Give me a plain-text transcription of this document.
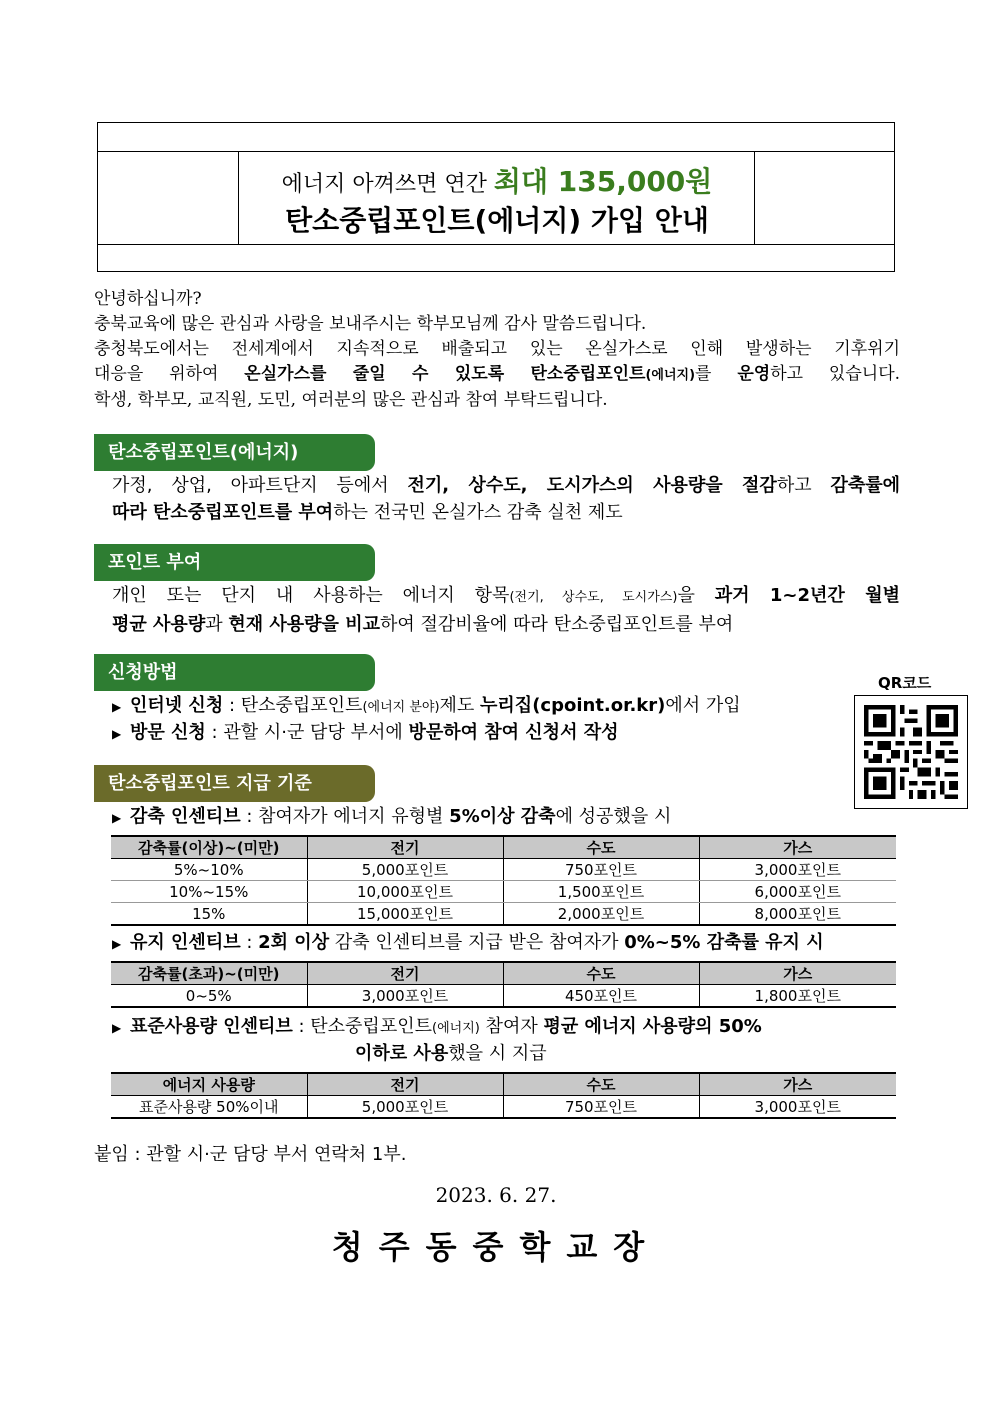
에너지 아껴쓰면 연간 최대 135,000원
탄소중립포인트(에너지) 가입 안내
안녕하십니까?
충북교육에 많은 관심과 사랑을 보내주시는 학부모님께 감사 말씀드립니다.
충청북도에서는 전세계에서 지속적으로 배출되고 있는 온실가스로 인해 발생하는 기후위기
대응을 위하여 온실가스를 줄일 수 있도록 탄소중립포인트(에너지)를 운영하고 있습니다.
학생, 학부모, 교직원, 도민, 여러분의 많은 관심과 참여 부탁드립니다.
탄소중립포인트(에너지)
가정, 상업, 아파트단지 등에서 전기, 상수도, 도시가스의 사용량을 절감하고 감축률에
따라 탄소중립포인트를 부여하는 전국민 온실가스 감축 실천 제도
포인트 부여
개인 또는 단지 내 사용하는 에너지 항목(전기, 상수도, 도시가스)을 과거 1~2년간 월별
평균 사용량과 현재 사용량을 비교하여 절감비율에 따라 탄소중립포인트를 부여
신청방법
▶ 인터넷 신청 : 탄소중립포인트(에너지 분야)제도 누리집(cpoint.or.kr)에서 가입
▶ 방문 신청 : 관할 시·군 담당 부서에 방문하여 참여 신청서 작성
QR코드
탄소중립포인트 지급 기준
▶ 감축 인센티브 : 참여자가 에너지 유형별 5%이상 감축에 성공했을 시
감축률(이상)~(미만)	전기	수도	가스
5%~10%	5,000포인트	750포인트	3,000포인트
10%~15%	10,000포인트	1,500포인트	6,000포인트
15%	15,000포인트	2,000포인트	8,000포인트
▶ 유지 인센티브 : 2회 이상 감축 인센티브를 지급 받은 참여자가 0%~5% 감축률 유지 시
감축률(초과)~(미만)	전기	수도	가스
0~5%	3,000포인트	450포인트	1,800포인트
▶ 표준사용량 인센티브 : 탄소중립포인트(에너지) 참여자 평균 에너지 사용량의 50%
이하로 사용했을 시 지급
에너지 사용량	전기	수도	가스
표준사용량 50%이내	5,000포인트	750포인트	3,000포인트
붙임 : 관할 시·군 담당 부서 연락처 1부.
2023. 6. 27.
청주동중학교장
